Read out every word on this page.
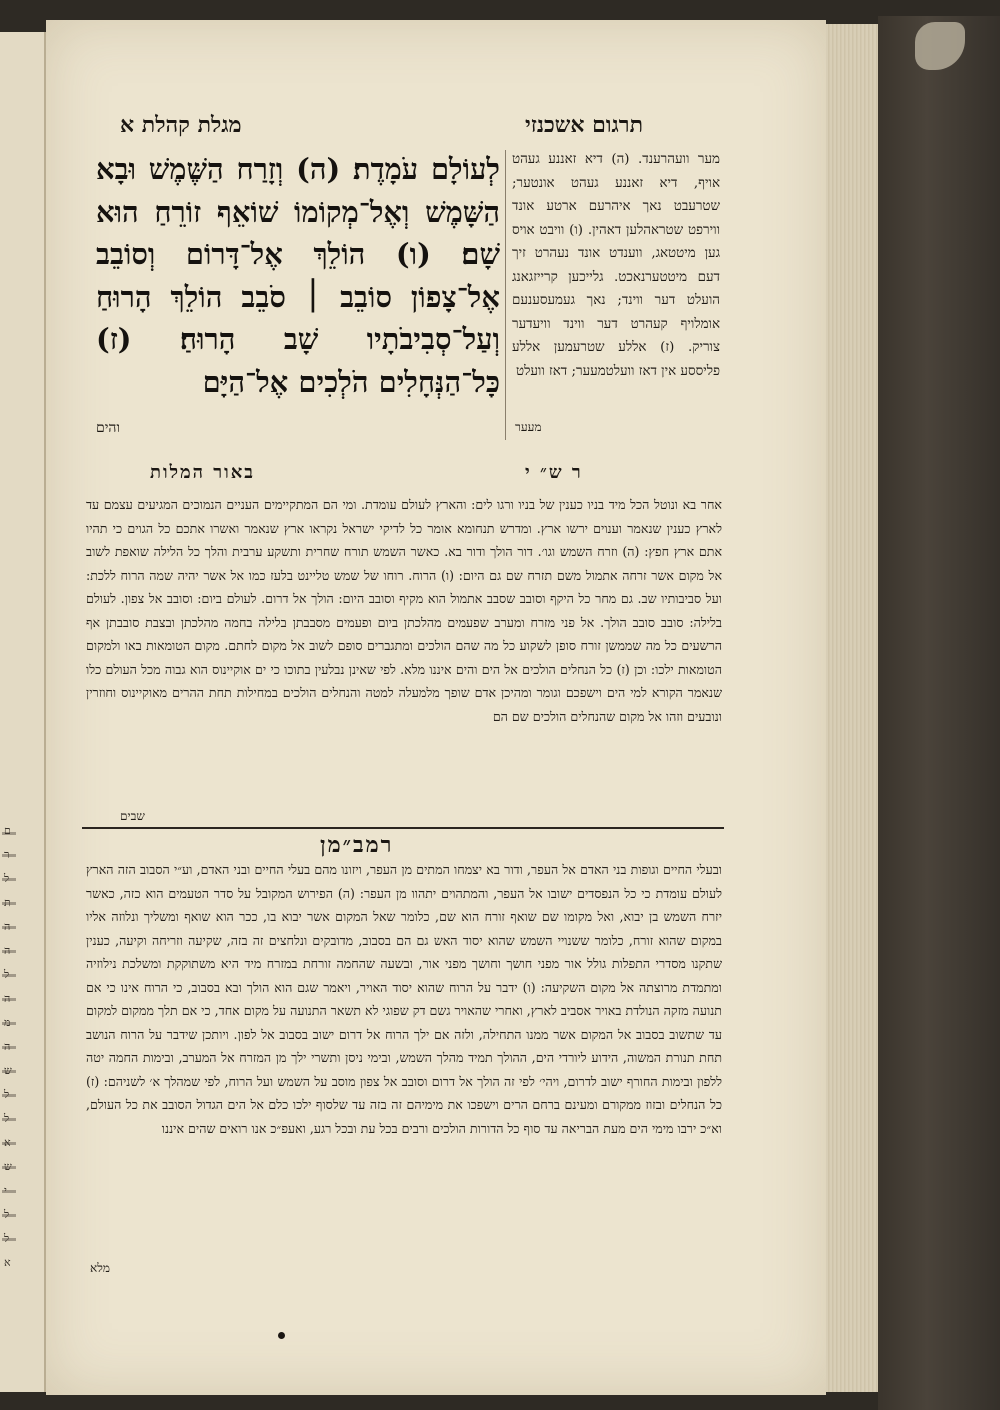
ם
ר
ל
ת
ה
ה
ל
ה
מ
ה
ש
ל
ל
א
ש
י
ל
ל
א
מגלת קהלת א	תרגום אשכנזי
לְעוֹלָם עֹמָדֶת׃ (ה) וְזָרַח הַשֶּׁמֶשׁ וּבָא הַשָּׁמֶשׁ וְאֶל־מְקוֹמוֹ שׁוֹאֵף זוֹרֵחַ הוּא שָׁם׃ (ו) הוֹלֵךְ אֶל־דָּרוֹם וְסוֹבֵב אֶל־צָפוֹן סוֹבֵב ׀ סֹבֵב הוֹלֵךְ הָרוּחַ וְעַל־סְבִיבֹתָיו שָׁב הָרוּחַ׃ (ז) כָּל־הַנְּחָלִים הֹלְכִים אֶל־הַיָּם
והים
מער וועהרענד. (ה) דיא זאננע געהט אויף, דיא זאננע געהט אונטער; שטרעבט נאך איהרעם ארטע אונד ווירפט שטראהלען דאהין. (ו) וויבט אויס גען מיטטאג, ווענדט אונד נעהרט זיך דעם מיטטערנאכט. גלייכען קרייזגאנג הועלט דער ווינד; נאך געמעסענעם אומלויף קעהרט דער ווינד וויעדער צוריק. (ז) אללע שטרעמען אללע פליססע אין דאז וועלטמעער; דאז וועלט
מעער
באור המלות	ר ש״ י
אחר בא ונוטל הכל מיד בניו כענין של בניו ורגו לים: והארץ לעולם עומדת. ומי הם המתקיימים העניים הנמוכים המגיעים עצמם עד לארץ כענין שנאמר וענוים ירשו ארץ. ומדרש תנחומא אומר כל לדיקי ישראל נקראו ארץ שנאמר ואשרו אתכם כל הגוים כי תהיו אתם ארץ חפץ: (ה) וזרח השמש וגו׳. דור הולך ודור בא. כאשר השמש תורח שחרית ותשקע ערבית והלך כל הלילה שואפת לשוב אל מקום אשר זרחה אתמול משם תזרח שם גם היום: (ו) הרוח. רוחו של שמש טליינט בלעז כמו אל אשר יהיה שמה הרוח ללכת: ועל סביבותיו שב. גם מחר כל היקף וסובב שסבב אתמול הוא מקיף וסובב היום: הולך אל דרום. לעולם ביום: וסובב אל צפון. לעולם בלילה: סובב סובב הולך. אל פני מזרח ומערב שפעמים מהלכתן ביום ופעמים מסבבתן בלילה בחמה מהלכתן ובצבת סובבתן אף הרשעים כל מה שממשן זורח סופן לשקוע כל מה שהם הולכים ומתגברים סופם לשוב אל מקום לחתם. מקום הטומאות באו ולמקום הטומאות ילכו: וכן (ז) כל הנחלים הולכים אל הים והים איננו מלא. לפי שאינן נבלעין בתוכו כי ים אוקיינוס הוא גבוה מכל העולם כלו שנאמר הקורא למי הים וישפכם וגומר ומהיכן אדם שופך מלמעלה למטה והנחלים הולכים במחילות תחת ההרים מאוקיינוס וחוזרין ונובעים וזהו אל מקום שהנחלים הולכים שם הם
שבים
רמב״מן
ובעלי החיים וגופות בני האדם אל העפר, ודור בא יצמחו המתים מן העפר, ויזונו מהם בעלי החיים ובני האדם, וע״י הסבוב הזה הארץ לעולם עומדת כי כל הנפסדים ישובו אל העפר, והמתהוים יתהוו מן העפר: (ה) הפירוש המקובל על סדר הטעמים הוא כזה, כאשר יזרח השמש בן יבוא, ואל מקומו שם שואף זורח הוא שם, כלומר שאל המקום אשר יבוא בו, ככר הוא שואף ומשליך ונלוזה אליו במקום שהוא זורח, כלומר ששנויי השמש שהוא יסוד האש גם הם בסבוב, מדובקים ונלחצים זה בזה, שקיעה וזריחה וקיעה, כענין שתקנו מסדרי התפלות גולל אור מפני חושך וחושך מפני אור, ובשעה שהחמה זורחת במזרח מיד היא משתוקקת ומשלכת נילוזיה ומתמדת מרוצתה אל מקום השקיעה: (ו) ידבר על הרוח שהוא יסוד האויר, ויאמר שגם הוא הולך ובא בסבוב, כי הרוח אינו כי אם תנועה מזקה הנולדת באויר אסביב לארץ, ואחרי שהאויר גשם דק שפוגי לא תשאר התנועה על מקום אחד, כי אם תלך ממקום למקום עד שתשוב בסבוב אל המקום אשר ממנו התחילה, ולזה אם ילך הרוח אל דרום ישוב בסבוב אל לפון. ויותכן שידבר על הרוח הנושב תחת תנורת המשוה, הידוע ליורדי הים, ההולך תמיד מהלך השמש, ובימי ניסן ותשרי ילך מן המזרח אל המערב, ובימות החמה יטה ללפון ובימות החורף ישוב לדרום, ויהי׳ לפי זה הולך אל דרום וסובב אל צפון מוסב על השמש ועל הרוח, לפי שמהלך א׳ לשניהם: (ז) כל הנחלים ובזוז ממקורם ומעינם ברחם הרים וישפכו את מימיהם זה בזה עד שלסוף ילכו כלם אל הים הגדול הסובב את כל העולם, וא״כ ירבו מימי הים מעת הבריאה עד סוף כל הדורות הולכים ורבים בכל עת ובכל רגע, ואעפ״כ אנו רואים שהים איננו
מלא
